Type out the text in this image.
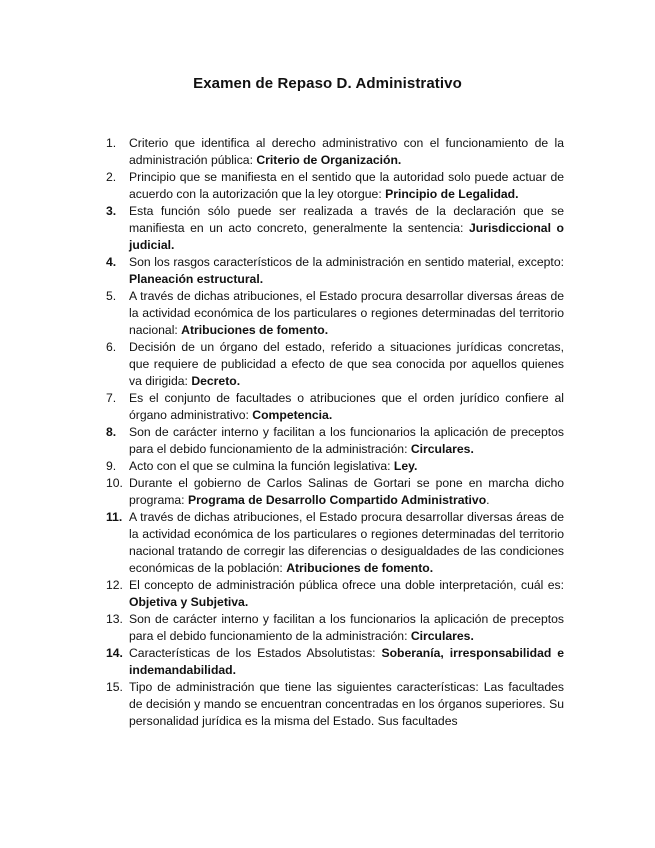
Examen de Repaso D. Administrativo
1. Criterio que identifica al derecho administrativo con el funcionamiento de la administración pública: Criterio de Organización.
2. Principio que se manifiesta en el sentido que la autoridad solo puede actuar de acuerdo con la autorización que la ley otorgue: Principio de Legalidad.
3. Esta función sólo puede ser realizada a través de la declaración que se manifiesta en un acto concreto, generalmente la sentencia: Jurisdiccional o judicial.
4. Son los rasgos característicos de la administración en sentido material, excepto: Planeación estructural.
5. A través de dichas atribuciones, el Estado procura desarrollar diversas áreas de la actividad económica de los particulares o regiones determinadas del territorio nacional: Atribuciones de fomento.
6. Decisión de un órgano del estado, referido a situaciones jurídicas concretas, que requiere de publicidad a efecto de que sea conocida por aquellos quienes va dirigida: Decreto.
7. Es el conjunto de facultades o atribuciones que el orden jurídico confiere al órgano administrativo: Competencia.
8. Son de carácter interno y facilitan a los funcionarios la aplicación de preceptos para el debido funcionamiento de la administración: Circulares.
9. Acto con el que se culmina la función legislativa: Ley.
10. Durante el gobierno de Carlos Salinas de Gortari se pone en marcha dicho programa: Programa de Desarrollo Compartido Administrativo.
11. A través de dichas atribuciones, el Estado procura desarrollar diversas áreas de la actividad económica de los particulares o regiones determinadas del territorio nacional tratando de corregir las diferencias o desigualdades de las condiciones económicas de la población: Atribuciones de fomento.
12. El concepto de administración pública ofrece una doble interpretación, cuál es: Objetiva y Subjetiva.
13. Son de carácter interno y facilitan a los funcionarios la aplicación de preceptos para el debido funcionamiento de la administración: Circulares.
14. Características de los Estados Absolutistas: Soberanía, irresponsabilidad e indemandabilidad.
15. Tipo de administración que tiene las siguientes características: Las facultades de decisión y mando se encuentran concentradas en los órganos superiores. Su personalidad jurídica es la misma del Estado. Sus facultades
